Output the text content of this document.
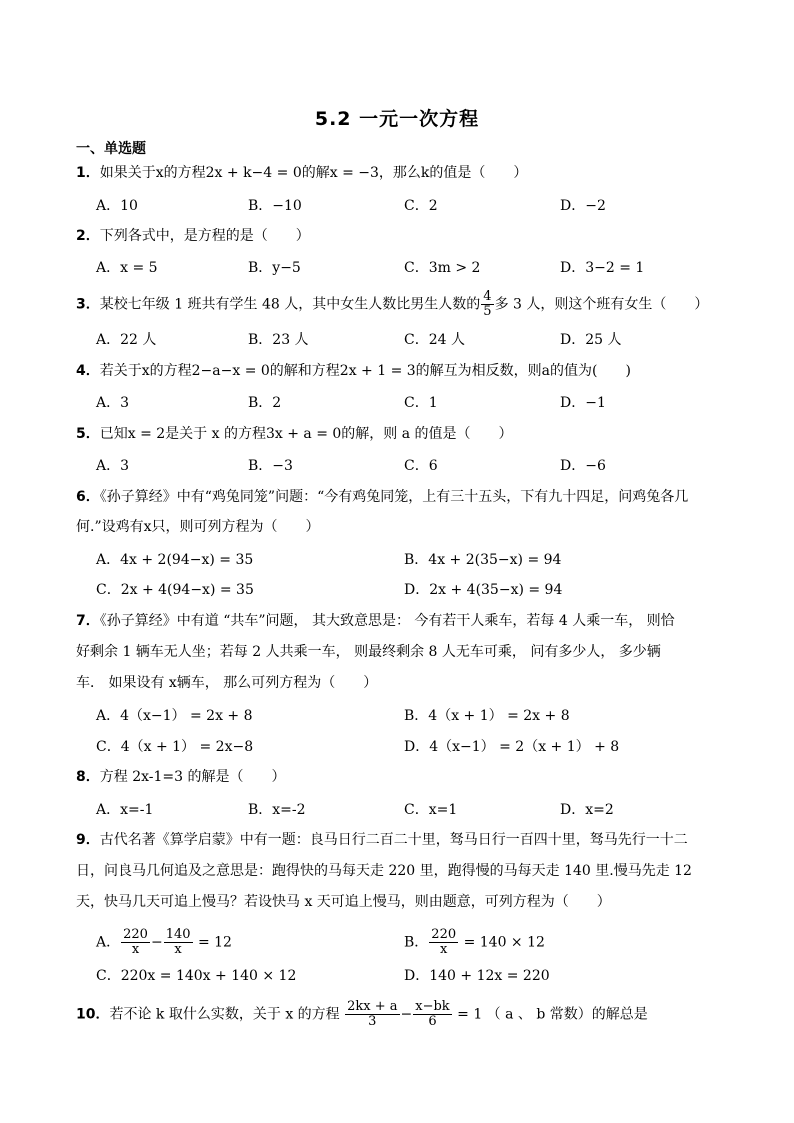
5.2 一元一次方程
一、单选题
1．如果关于x的方程2x + k−4 = 0的解x = −3，那么k的值是（　　）
A．10	B．−10	C．2	D．−2
2．下列各式中，是方程的是（　　）
A．x = 5	B．y−5	C．3m > 2	D．3−2 = 1
3．某校七年级 1 班共有学生 48 人，其中女生人数比男生人数的 $\frac{4}{5}$ 多 3 人，则这个班有女生（　　）
A．22 人	B．23 人	C．24 人	D．25 人
4．若关于x的方程2−a−x = 0的解和方程2x + 1 = 3的解互为相反数，则a的值为(　　)
A．3	B．2	C．1	D．−1
5．已知x = 2是关于 x 的方程3x + a = 0的解，则 a 的值是（　　）
A．3	B．−3	C．6	D．−6
6．《孙子算经》中有“鸡兔同笼”问题：“今有鸡兔同笼，上有三十五头，下有九十四足，问鸡兔各几
何.”设鸡有x只，则可列方程为（　　）
A．4x + 2(94−x) = 35	B．4x + 2(35−x) = 94
C．2x + 4(94−x) = 35	D．2x + 4(35−x) = 94
7．《孙子算经》中有道 “共车”问题， 其大致意思是： 今有若干人乘车，若每 4 人乘一车， 则恰
好剩余 1 辆车无人坐；若每 2 人共乘一车， 则最终剩余 8 人无车可乘， 问有多少人， 多少辆
车． 如果设有 x辆车， 那么可列方程为（　　）
A．4（x−1） = 2x + 8	B．4（x + 1） = 2x + 8
C．4（x + 1） = 2x−8	D．4（x−1） = 2（x + 1） + 8
8．方程 2x-1=3 的解是（　　）
A．x=-1	B．x=-2	C．x=1	D．x=2
9．古代名著《算学启蒙》中有一题：良马日行二百二十里，驽马日行一百四十里，驽马先行一十二
日，问良马几何追及之意思是：跑得快的马每天走 220 里，跑得慢的马每天走 140 里.慢马先走 12
天，快马几天可追上慢马？若设快马 x 天可追上慢马，则由题意，可列方程为（　　）
A． $\frac{220}{x} - \frac{140}{x} = 12$	B． $\frac{220}{x} = 140 \times 12$
C．220x = 140x + 140 × 12	D．140 + 12x = 220
10．若不论 k 取什么实数，关于 x 的方程 $\frac{2kx + a}{3} - \frac{x-bk}{6} = 1$ （ a 、 b 常数）的解总是
